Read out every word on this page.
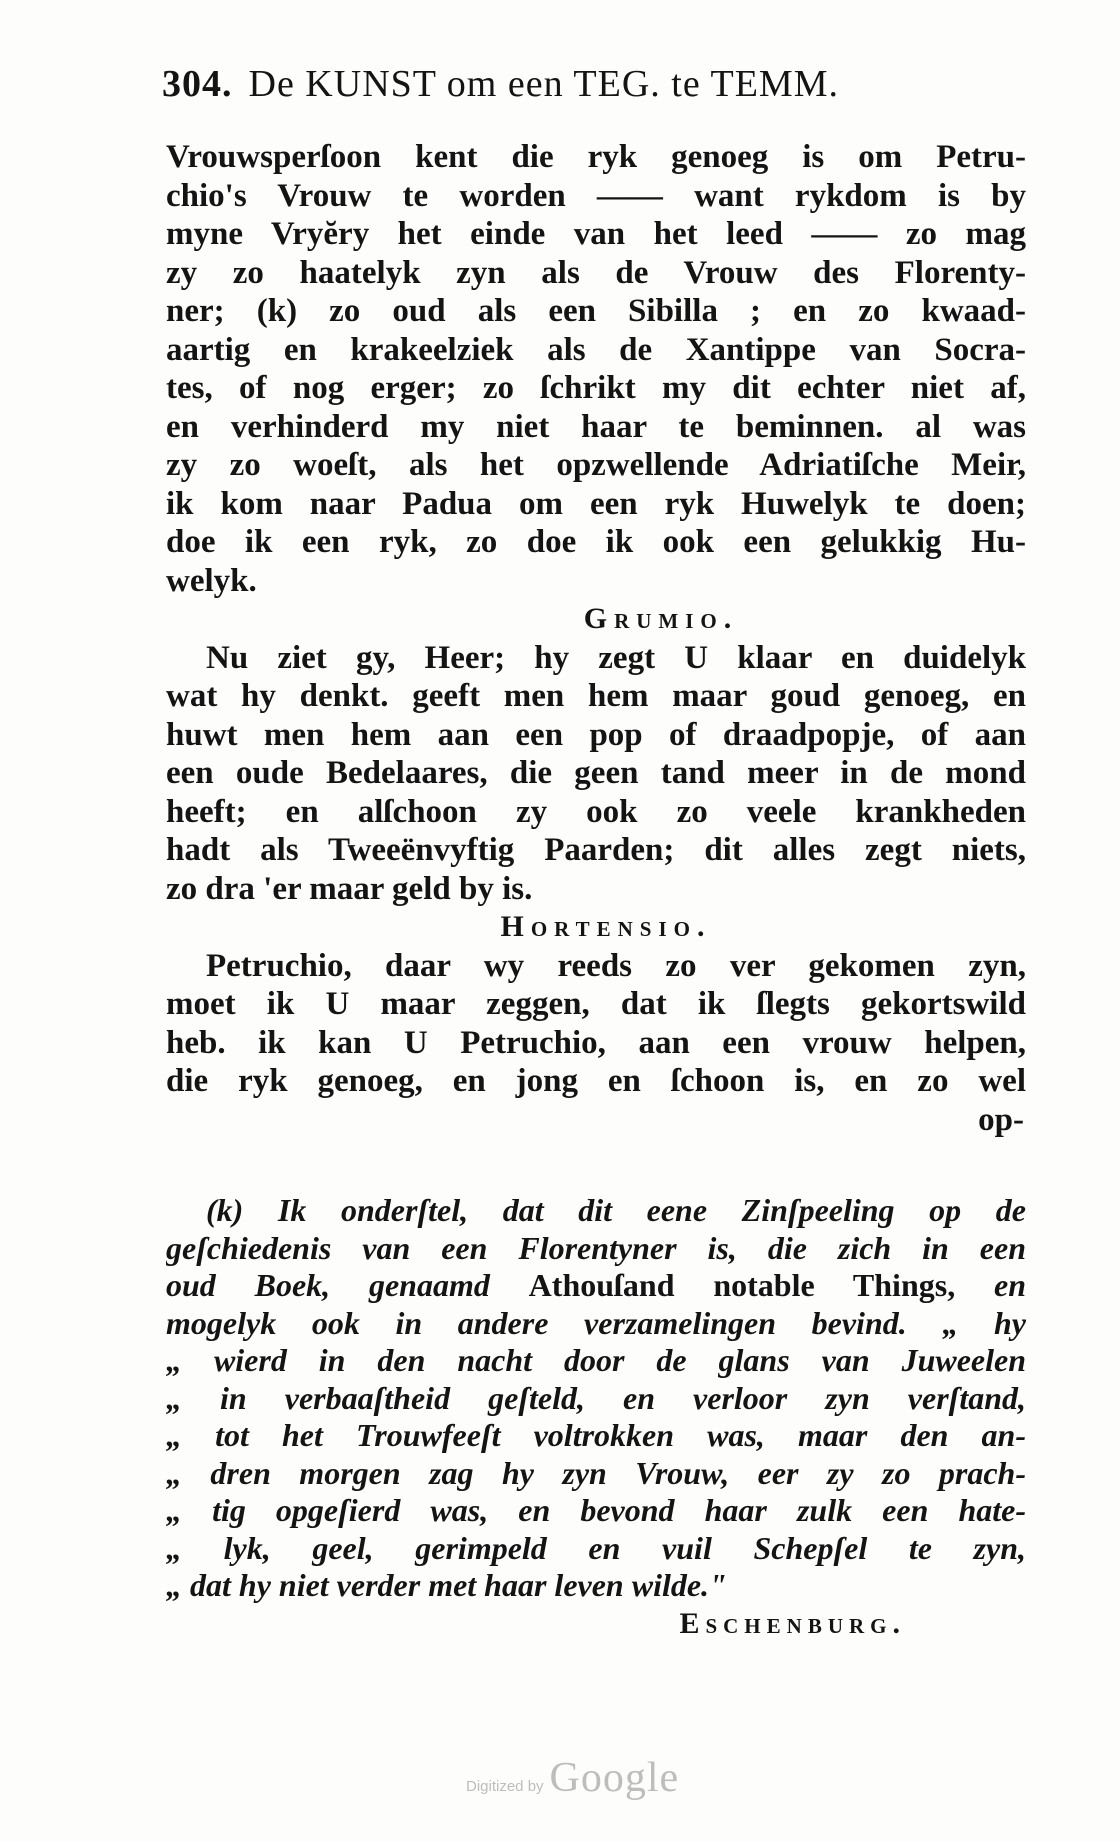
304. De KUNST om een TEG. te TEMM.
Vrouwsperſoon kent die ryk genoeg is om Petru-
chio's Vrouw te worden —— want rykdom is by
myne Vryĕry het einde van het leed —— zo mag
zy zo haatelyk zyn als de Vrouw des Florenty-
ner; (k) zo oud als een Sibilla ; en zo kwaad-
aartig en krakeelziek als de Xantippe van Socra-
tes, of nog erger; zo ſchrikt my dit echter niet af,
en verhinderd my niet haar te beminnen. al was
zy zo woeſt, als het opzwellende Adriatiſche Meir,
ik kom naar Padua om een ryk Huwelyk te doen;
doe ik een ryk, zo doe ik ook een gelukkig Hu-
welyk.
Grumio.
Nu ziet gy, Heer; hy zegt U klaar en duidelyk
wat hy denkt. geeft men hem maar goud genoeg, en
huwt men hem aan een pop of draadpopje, of aan
een oude Bedelaares, die geen tand meer in de mond
heeft; en alſchoon zy ook zo veele krankheden
hadt als Tweeënvyftig Paarden; dit alles zegt niets,
zo dra 'er maar geld by is.
Hortensio.
Petruchio, daar wy reeds zo ver gekomen zyn,
moet ik U maar zeggen, dat ik ſlegts gekortswild
heb. ik kan U Petruchio, aan een vrouw helpen,
die ryk genoeg, en jong en ſchoon is, en zo wel
op-
(k) Ik onderſtel, dat dit eene Zinſpeeling op de
geſchiedenis van een Florentyner is, die zich in een
oud Boek, genaamd Athouſand notable Things, en
mogelyk ook in andere verzamelingen bevind. „ hy
„ wierd in den nacht door de glans van Juweelen
„ in verbaaſtheid geſteld, en verloor zyn verſtand,
„ tot het Trouwfeeſt voltrokken was, maar den an-
„ dren morgen zag hy zyn Vrouw, eer zy zo prach-
„ tig opgeſierd was, en bevond haar zulk een hate-
„ lyk, geel, gerimpeld en vuil Schepſel te zyn,
„ dat hy niet verder met haar leven wilde."
Eschenburg.
Digitized by Google
